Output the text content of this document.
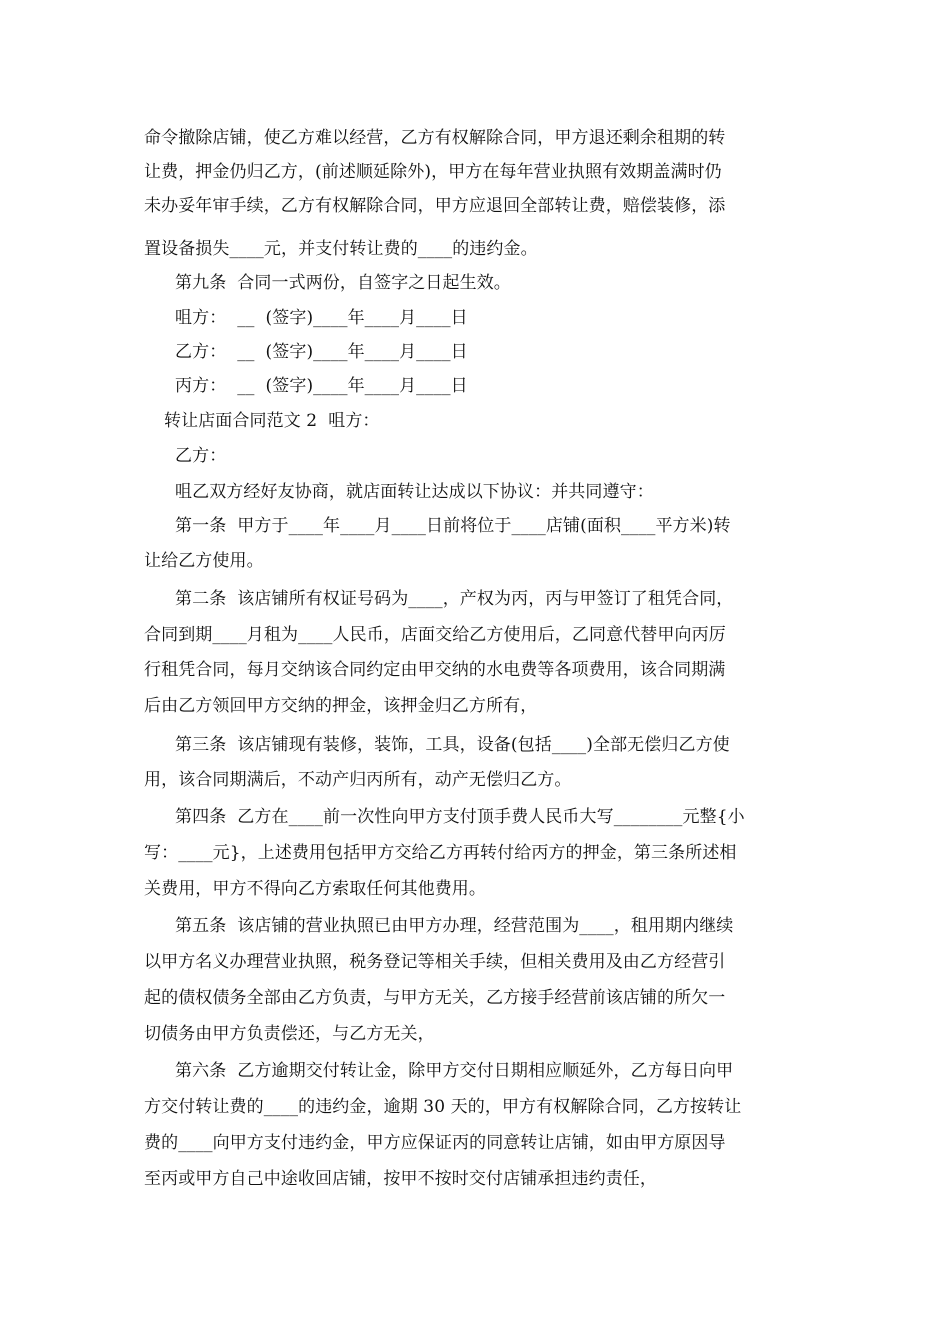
命令撤除店铺，使乙方难以经营，乙方有权解除合同，甲方退还剩余租期的转
让费，押金仍归乙方，(前述顺延除外)，甲方在每年营业执照有效期盖满时仍
未办妥年审手续，乙方有权解除合同，甲方应退回全部转让费，赔偿装修，添
置设备损失____元，并支付转让费的____的违约金。
第九条  合同一式两份，自签字之日起生效。
咀方：  __  (签字)____年____月____日
乙方：  __  (签字)____年____月____日
丙方：  __  (签字)____年____月____日
转让店面合同范文 2  咀方：
乙方：
咀乙双方经好友协商，就店面转让达成以下协议：并共同遵守：
第一条  甲方于____年____月____日前将位于____店铺(面积____平方米)转
让给乙方使用。
第二条  该店铺所有权证号码为____，产权为丙，丙与甲签订了租凭合同，
合同到期____月租为____人民币，店面交给乙方使用后，乙同意代替甲向丙厉
行租凭合同，每月交纳该合同约定由甲交纳的水电费等各项费用，该合同期满
后由乙方领回甲方交纳的押金，该押金归乙方所有，
第三条  该店铺现有装修，装饰，工具，设备(包括____)全部无偿归乙方使
用，该合同期满后，不动产归丙所有，动产无偿归乙方。
第四条  乙方在____前一次性向甲方支付顶手费人民币大写________元整{小
写：____元}，上述费用包括甲方交给乙方再转付给丙方的押金，第三条所述相
关费用，甲方不得向乙方索取任何其他费用。
第五条  该店铺的营业执照已由甲方办理，经营范围为____，租用期内继续
以甲方名义办理营业执照，税务登记等相关手续，但相关费用及由乙方经营引
起的债权债务全部由乙方负责，与甲方无关，乙方接手经营前该店铺的所欠一
切债务由甲方负责偿还，与乙方无关，
第六条  乙方逾期交付转让金，除甲方交付日期相应顺延外，乙方每日向甲
方交付转让费的____的违约金，逾期 30 天的，甲方有权解除合同，乙方按转让
费的____向甲方支付违约金，甲方应保证丙的同意转让店铺，如由甲方原因导
至丙或甲方自己中途收回店铺，按甲不按时交付店铺承担违约责任，
